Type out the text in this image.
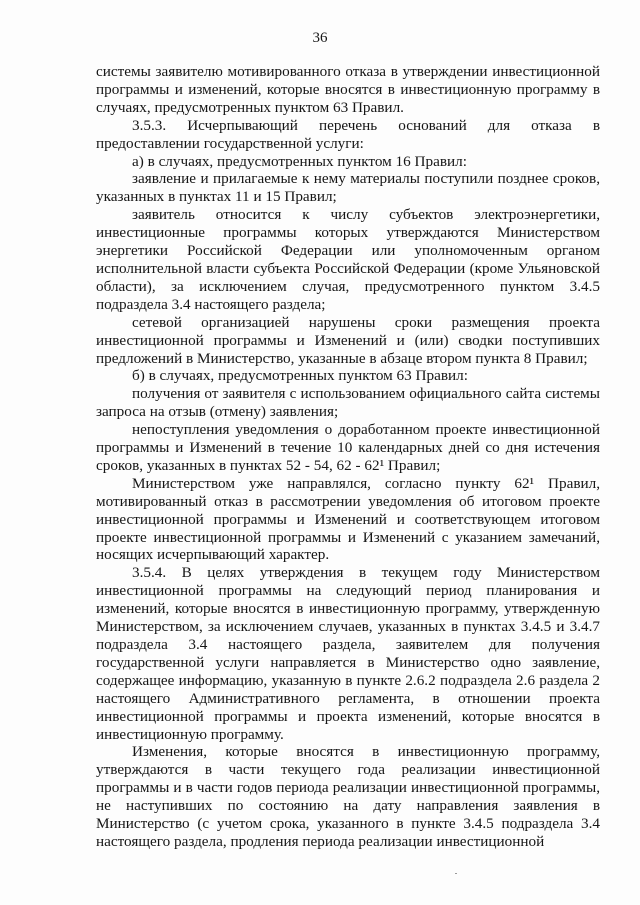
36

системы заявителю мотивированного отказа в утверждении инвестиционной программы и изменений, которые вносятся в инвестиционную программу в случаях, предусмотренных пунктом 63 Правил.

3.5.3. Исчерпывающий перечень оснований для отказа в предоставлении государственной услуги:

а) в случаях, предусмотренных пунктом 16 Правил:

заявление и прилагаемые к нему материалы поступили позднее сроков, указанных в пунктах 11 и 15 Правил;

заявитель относится к числу субъектов электроэнергетики, инвестиционные программы которых утверждаются Министерством энергетики Российской Федерации или уполномоченным органом исполнительной власти субъекта Российской Федерации (кроме Ульяновской области), за исключением случая, предусмотренного пунктом 3.4.5 подраздела 3.4 настоящего раздела;

сетевой организацией нарушены сроки размещения проекта инвестиционной программы и Изменений и (или) сводки поступивших предложений в Министерство, указанные в абзаце втором пункта 8 Правил;

б) в случаях, предусмотренных пунктом 63 Правил:

получения от заявителя с использованием официального сайта системы запроса на отзыв (отмену) заявления;

непоступления уведомления о доработанном проекте инвестиционной программы и Изменений в течение 10 календарных дней со дня истечения сроков, указанных в пунктах 52 - 54, 62 - 62¹ Правил;

Министерством уже направлялся, согласно пункту 62¹ Правил, мотивированный отказ в рассмотрении уведомления об итоговом проекте инвестиционной программы и Изменений и соответствующем итоговом проекте инвестиционной программы и Изменений с указанием замечаний, носящих исчерпывающий характер.

3.5.4. В целях утверждения в текущем году Министерством инвестиционной программы на следующий период планирования и изменений, которые вносятся в инвестиционную программу, утвержденную Министерством, за исключением случаев, указанных в пунктах 3.4.5 и 3.4.7 подраздела 3.4 настоящего раздела, заявителем для получения государственной услуги направляется в Министерство одно заявление, содержащее информацию, указанную в пункте 2.6.2 подраздела 2.6 раздела 2 настоящего Административного регламента, в отношении проекта инвестиционной программы и проекта изменений, которые вносятся в инвестиционную программу.

Изменения, которые вносятся в инвестиционную программу, утверждаются в части текущего года реализации инвестиционной программы и в части годов периода реализации инвестиционной программы, не наступивших по состоянию на дату направления заявления в Министерство (с учетом срока, указанного в пункте 3.4.5 подраздела 3.4 настоящего раздела, продления периода реализации инвестиционной
